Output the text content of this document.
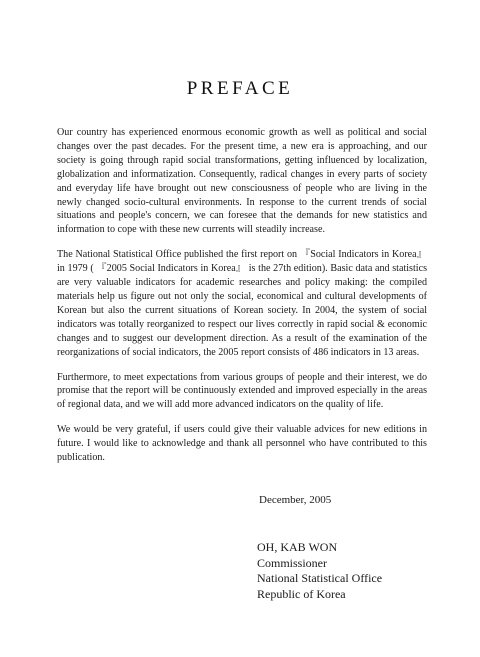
PREFACE

Our country has experienced enormous economic growth as well as political and social changes over the past decades. For the present time, a new era is approaching, and our society is going through rapid social transformations, getting influenced by localization, globalization and informatization. Consequently, radical changes in every parts of society and everyday life have brought out new consciousness of people who are living in the newly changed socio-cultural environments. In response to the current trends of social situations and people's concern, we can foresee that the demands for new statistics and information to cope with these new currents will steadily increase.

The National Statistical Office published the first report on 『Social Indicators in Korea』 in 1979 ( 『2005 Social Indicators in Korea』 is the 27th edition). Basic data and statistics are very valuable indicators for academic researches and policy making: the compiled materials help us figure out not only the social, economical and cultural developments of Korean but also the current situations of Korean society. In 2004, the system of social indicators was totally reorganized to respect our lives correctly in rapid social & economic changes and to suggest our development direction. As a result of the examination of the reorganizations of social indicators, the 2005 report consists of 486 indicators in 13 areas.

Furthermore, to meet expectations from various groups of people and their interest, we do promise that the report will be continuously extended and improved especially in the areas of regional data, and we will add more advanced indicators on the quality of life.

We would be very grateful, if users could give their valuable advices for new editions in future. I would like to acknowledge and thank all personnel who have contributed to this publication.

December, 2005
OH, KAB WON
Commissioner
National Statistical Office
Republic of Korea
